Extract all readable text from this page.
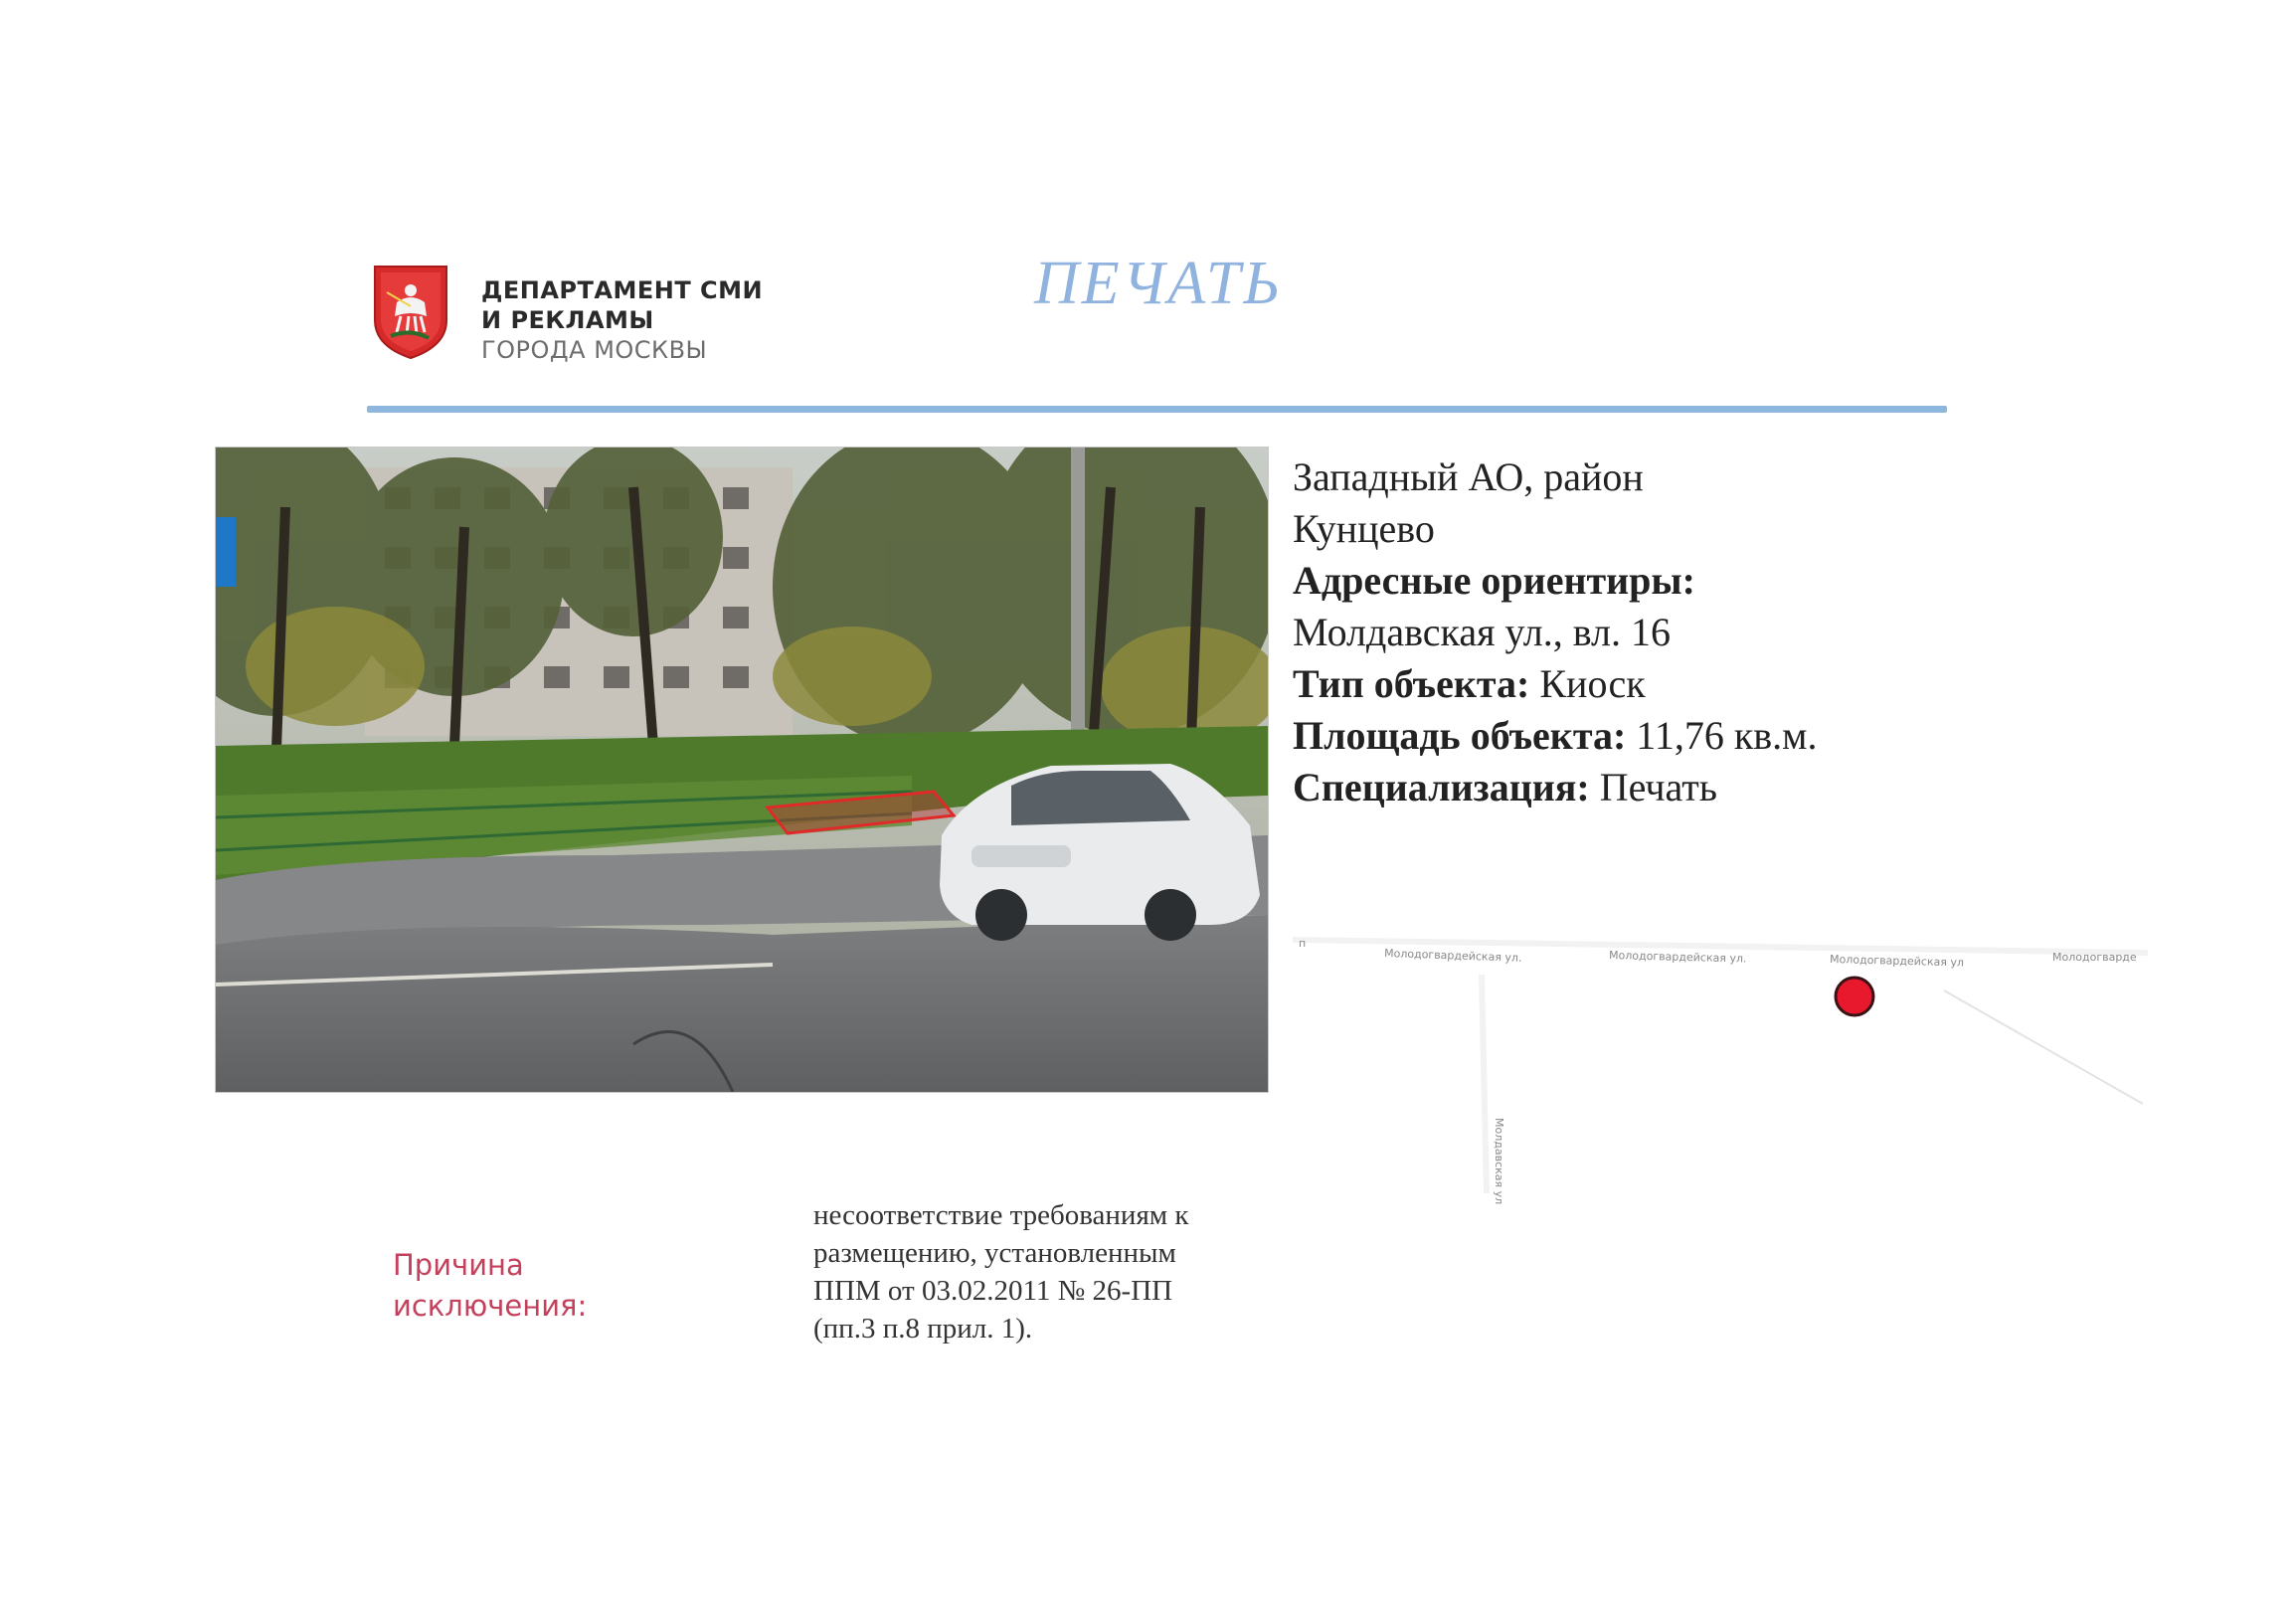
ДЕПАРТАМЕНТ СМИ
И РЕКЛАМЫ
ГОРОДА МОСКВЫ
ПЕЧАТЬ
Западный АО, район
Кунцево
Адресные ориентиры:
Молдавская ул., вл. 16
Тип объекта: Киоск
Площадь объекта: 11,76 кв.м.
Специализация: Печать
п
Молодогвардейская ул.	Молодогвардейская ул.	Молодогвардейская ул	Молодогварде
Молдавская ул
Причина
исключения:
несоответствие требованиям к
размещению, установленным
ППМ от 03.02.2011 № 26-ПП
(пп.3 п.8 прил. 1).
